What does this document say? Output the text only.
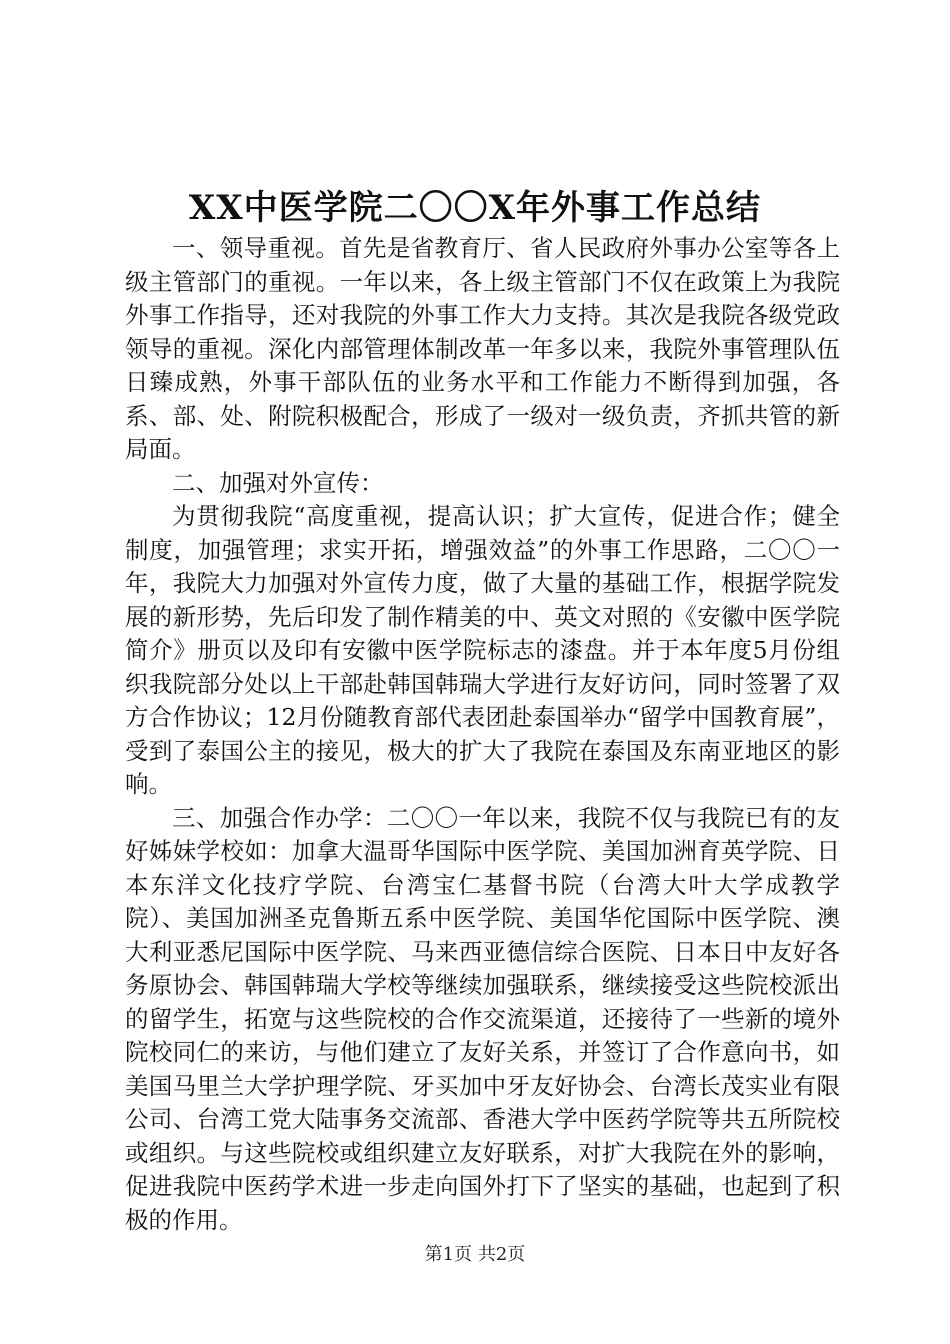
XX中医学院二〇〇X年外事工作总结

一、领导重视。首先是省教育厅、省人民政府外事办公室等各上级主管部门的重视。一年以来，各上级主管部门不仅在政策上为我院外事工作指导，还对我院的外事工作大力支持。其次是我院各级党政领导的重视。深化内部管理体制改革一年多以来，我院外事管理队伍日臻成熟，外事干部队伍的业务水平和工作能力不断得到加强，各系、部、处、附院积极配合，形成了一级对一级负责，齐抓共管的新局面。

二、加强对外宣传：

为贯彻我院“高度重视，提高认识；扩大宣传，促进合作；健全制度，加强管理；求实开拓，增强效益”的外事工作思路，二〇〇一年，我院大力加强对外宣传力度，做了大量的基础工作，根据学院发展的新形势，先后印发了制作精美的中、英文对照的《安徽中医学院简介》册页以及印有安徽中医学院标志的漆盘。并于本年度5月份组织我院部分处以上干部赴韩国韩瑞大学进行友好访问，同时签署了双方合作协议；12月份随教育部代表团赴泰国举办“留学中国教育展”，受到了泰国公主的接见，极大的扩大了我院在泰国及东南亚地区的影响。

三、加强合作办学：二〇〇一年以来，我院不仅与我院已有的友好姊妹学校如：加拿大温哥华国际中医学院、美国加洲育英学院、日本东洋文化技疗学院、台湾宝仁基督书院（台湾大叶大学成教学院）、美国加洲圣克鲁斯五系中医学院、美国华佗国际中医学院、澳大利亚悉尼国际中医学院、马来西亚德信综合医院、日本日中友好各务原协会、韩国韩瑞大学校等继续加强联系，继续接受这些院校派出的留学生，拓宽与这些院校的合作交流渠道，还接待了一些新的境外院校同仁的来访，与他们建立了友好关系，并签订了合作意向书，如美国马里兰大学护理学院、牙买加中牙友好协会、台湾长茂实业有限公司、台湾工党大陆事务交流部、香港大学中医药学院等共五所院校或组织。与这些院校或组织建立友好联系，对扩大我院在外的影响，促进我院中医药学术进一步走向国外打下了坚实的基础，也起到了积极的作用。

第1页 共2页
